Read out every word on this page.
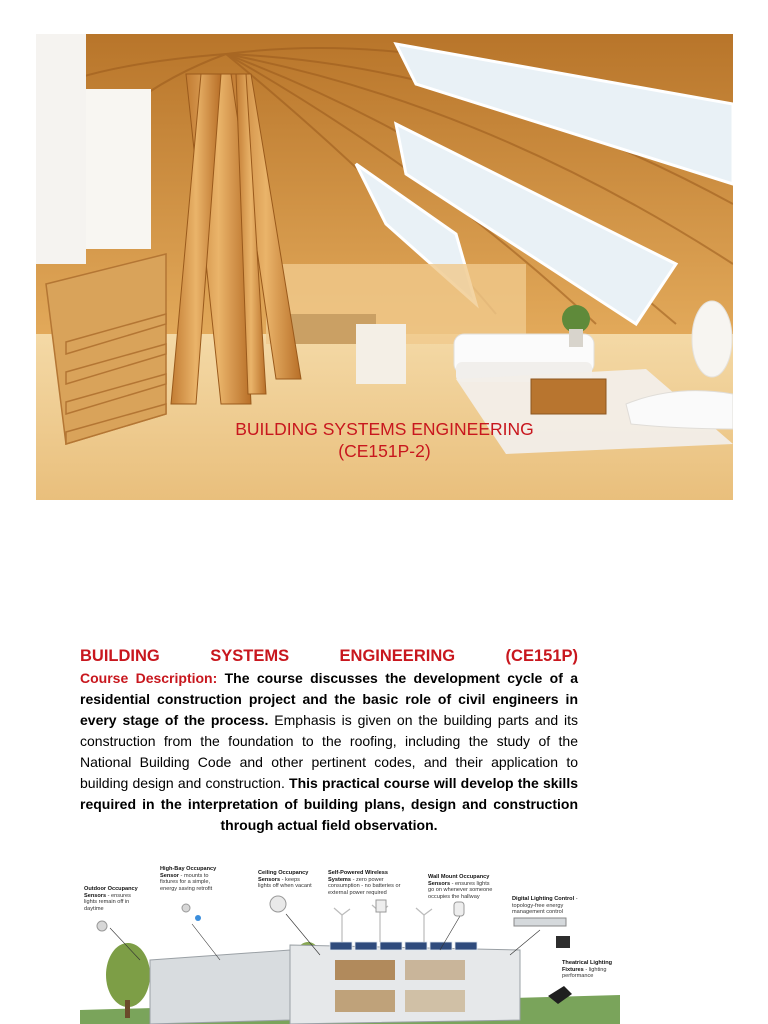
BUILDING SYSTEMS ENGINEERING
(CE151P-2)
BUILDING	SYSTEMS	ENGINEERING	(CE151P)
Course Description: The course discusses the development cycle of a residential construction project and the basic role of civil engineers in every stage of the process. Emphasis is given on the building parts and its construction from the foundation to the roofing, including the study of the National Building Code and other pertinent codes, and their application to building design and construction. This practical course will develop the skills required in the interpretation of building plans, design and construction through actual field observation.
Outdoor Occupancy Sensors - ensures lights remain off in daytime
High-Bay Occupancy Sensor - mounts to fixtures for a simple, energy saving retrofit
Ceiling Occupancy Sensors - keeps lights off when vacant
Self-Powered Wireless Systems - zero power consumption - no batteries or external power required
Wall Mount Occupancy Sensors - ensures lights go on whenever someone occupies the hallway	Digital Lighting Control - topology-free energy management control
Theatrical Lighting Fixtures - lighting performance
